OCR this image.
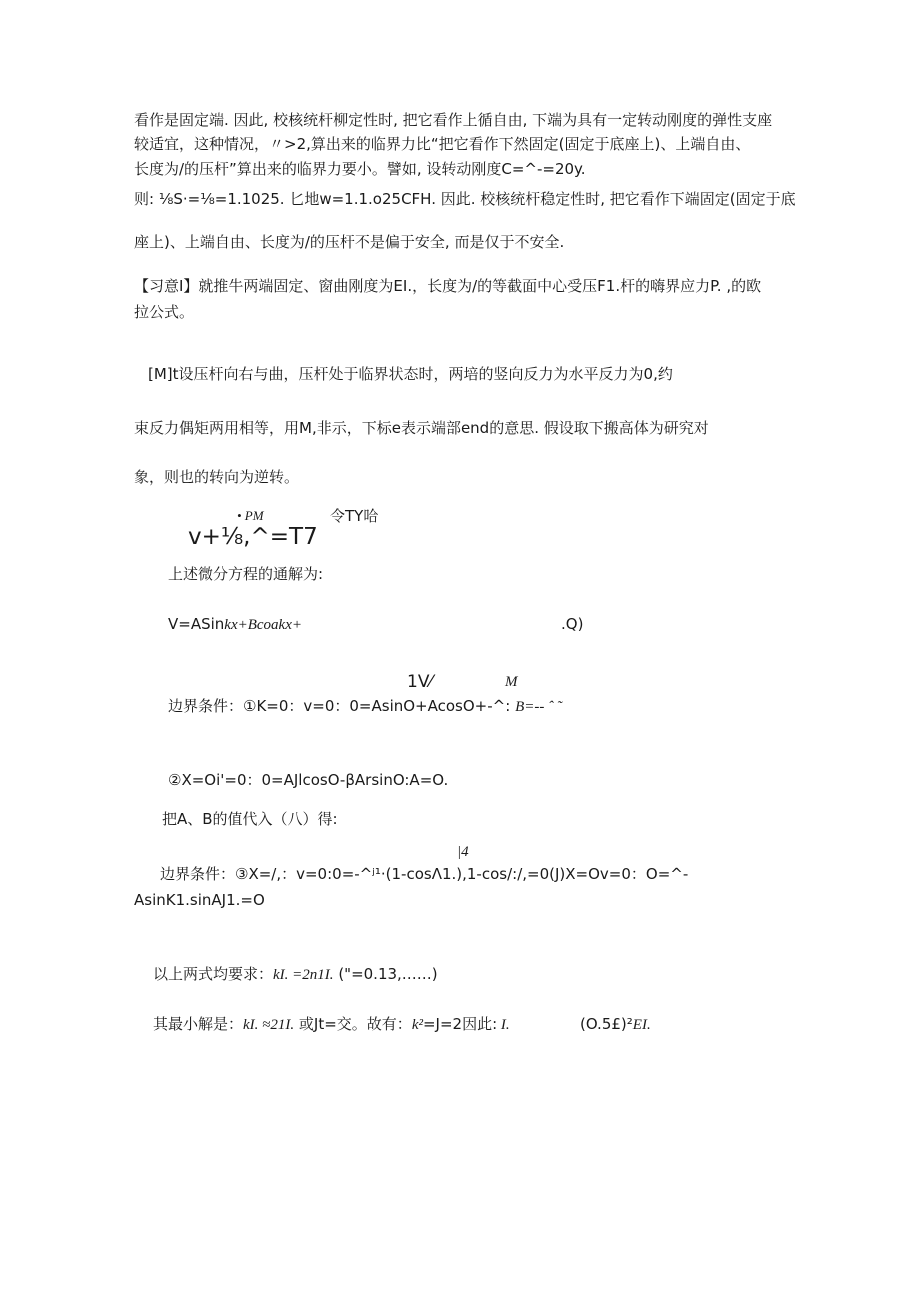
看作是固定端. 因此, 校核统杆柳定性时, 把它看作上循自由, 下端为具有一定转动刚度的弹性支座
较适宜，这种情况，〃>2,算出来的临界力比“把它看作下然固定(固定于底座上)、上端自由、
长度为/的压杆”算出来的临界力要小。譬如, 设转动刚度C=^-=20y.
则: ⅛S·=⅛=1.1025. 匕地w=1.1.o25CFH. 因此. 校核统杆稳定性时, 把它看作下端固定(固定于底
座上)、上端自由、长度为/的压杆不是偏于安全, 而是仅于不安全.
【习意I】就推牛两端固定、窗曲刚度为EI.，长度为/的等截面中心受压F1.杆的嗨界应力P. ,的欧
拉公式。
[M]t设压杆向右与曲，压杆处于临界状态时，两培的竖向反力为水平反力为0,约
束反力偶矩两用相等，用M,非示，下标e表示端部end的意思. 假设取下搬高体为研究对
象，则也的转向为逆转。
• PM
v+⅟₈,^=T7
令TY哈
上述微分方程的通解为:
V=ASinkx+Bcoakx+	.Q)
1V⁄	M
边界条件：①K=0：v=0：0=AsinO+AcosO+-^: B=-- ˆ ˜
②X=Oi'=0：0=AJlcosO-βArsinO:A=O.
把A、B的值代入（八）得:
|4
边界条件：③X=/,：v=0:0=-^ʲ¹·(1-cosΛ1.),1-cos/:/,=0(J)X=Ov=0：O=^-
AsinK1.sinAJ1.=O
以上两式均要求：kI. =2n1I. ("=0.13,……)
其最小解是：kI. ≈21I. 或Jt=交。故有：k²=J=2因此: I.	(O.5£)²EI.
